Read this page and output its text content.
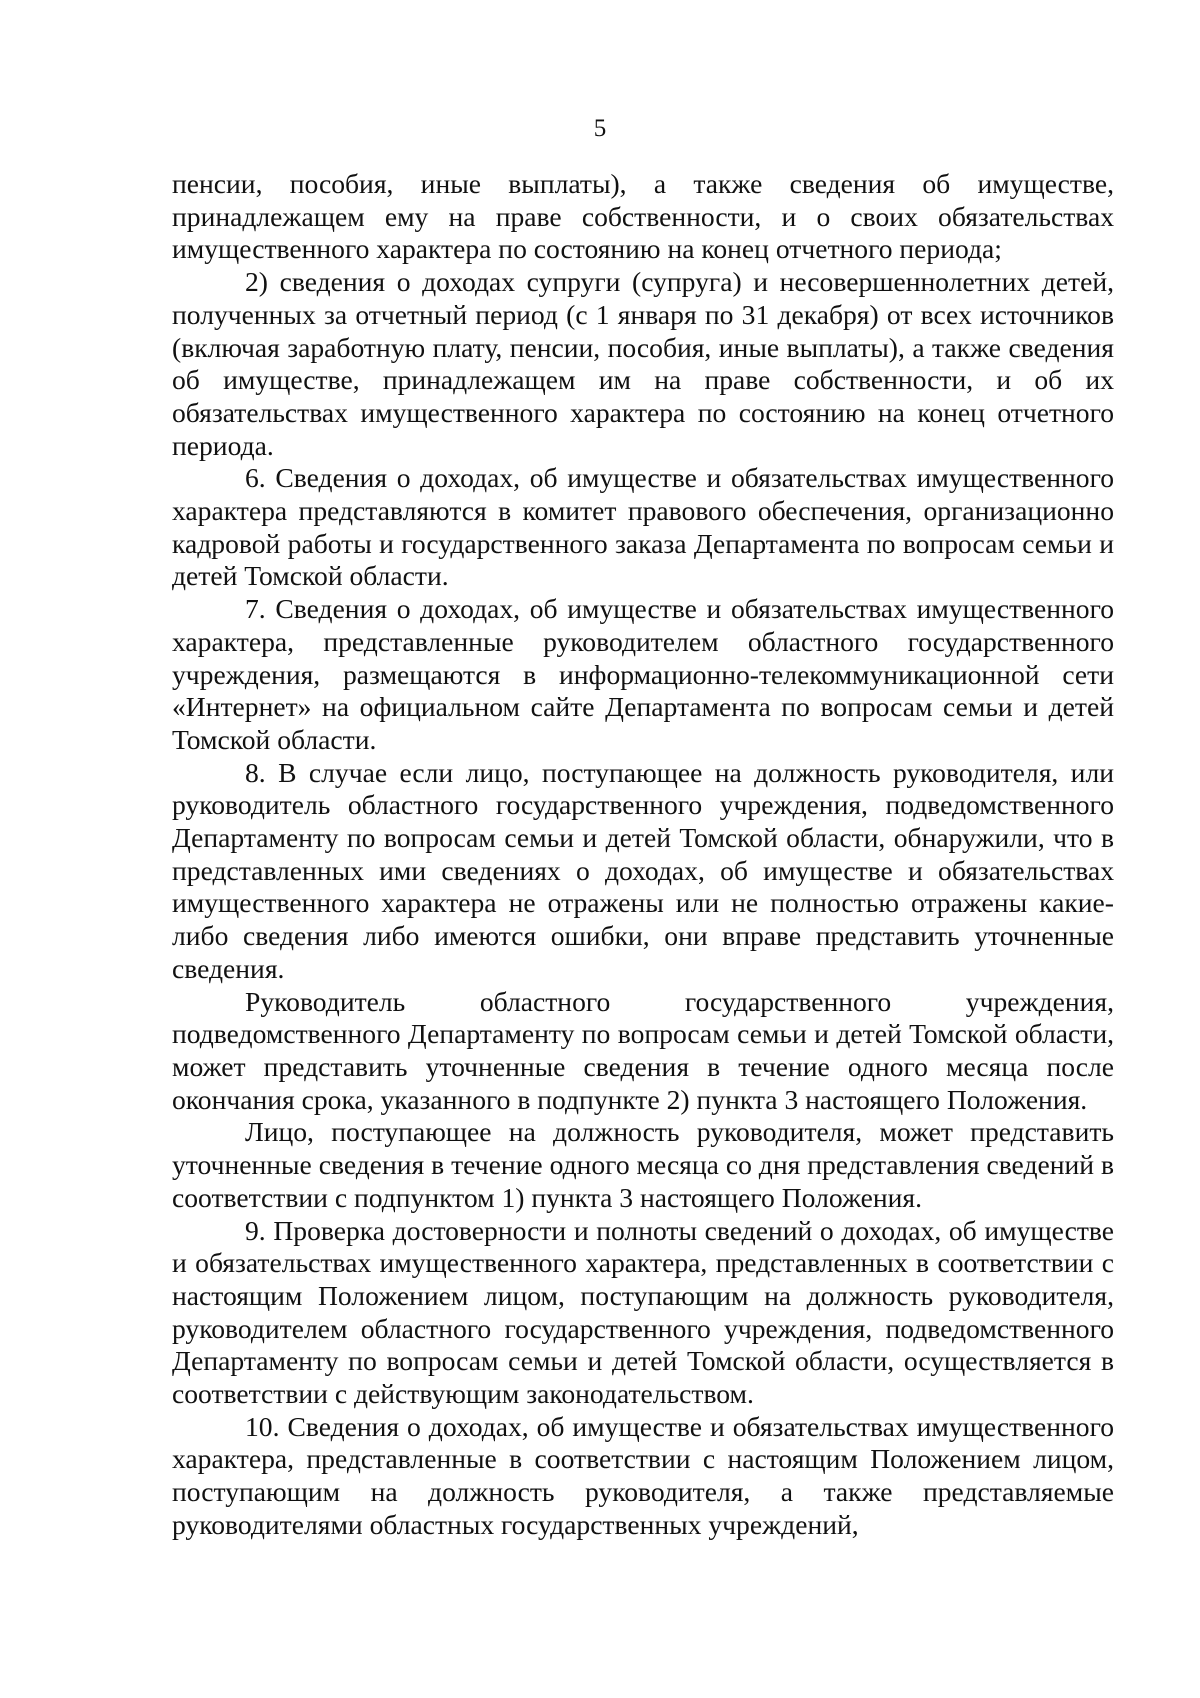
5

пенсии, пособия, иные выплаты), а также сведения об имуществе, принадлежащем ему на праве собственности, и о своих обязательствах имущественного характера по состоянию на конец отчетного периода;

2) сведения о доходах супруги (супруга) и несовершеннолетних детей, полученных за отчетный период (с 1 января по 31 декабря) от всех источников (включая заработную плату, пенсии, пособия, иные выплаты), а также сведения об имуществе, принадлежащем им на праве собственности, и об их обязательствах имущественного характера по состоянию на конец отчетного периода.

6. Сведения о доходах, об имуществе и обязательствах имущественного характера представляются в комитет правового обеспечения, организационно кадровой работы и государственного заказа Департамента по вопросам семьи и детей Томской области.

7. Сведения о доходах, об имуществе и обязательствах имущественного характера, представленные руководителем областного государственного учреждения, размещаются в информационно-телекоммуникационной сети «Интернет» на официальном сайте Департамента по вопросам семьи и детей Томской области.

8. В случае если лицо, поступающее на должность руководителя, или руководитель областного государственного учреждения, подведомственного Департаменту по вопросам семьи и детей Томской области, обнаружили, что в представленных ими сведениях о доходах, об имуществе и обязательствах имущественного характера не отражены или не полностью отражены какие-либо сведения либо имеются ошибки, они вправе представить уточненные сведения.

Руководитель областного государственного учреждения, подведомственного Департаменту по вопросам семьи и детей Томской области, может представить уточненные сведения в течение одного месяца после окончания срока, указанного в подпункте 2) пункта 3 настоящего Положения.

Лицо, поступающее на должность руководителя, может представить уточненные сведения в течение одного месяца со дня представления сведений в соответствии с подпунктом 1) пункта 3 настоящего Положения.

9. Проверка достоверности и полноты сведений о доходах, об имуществе и обязательствах имущественного характера, представленных в соответствии с настоящим Положением лицом, поступающим на должность руководителя, руководителем областного государственного учреждения, подведомственного Департаменту по вопросам семьи и детей Томской области, осуществляется в соответствии с действующим законодательством.

10. Сведения о доходах, об имуществе и обязательствах имущественного характера, представленные в соответствии с настоящим Положением лицом, поступающим на должность руководителя, а также представляемые руководителями областных государственных учреждений,
